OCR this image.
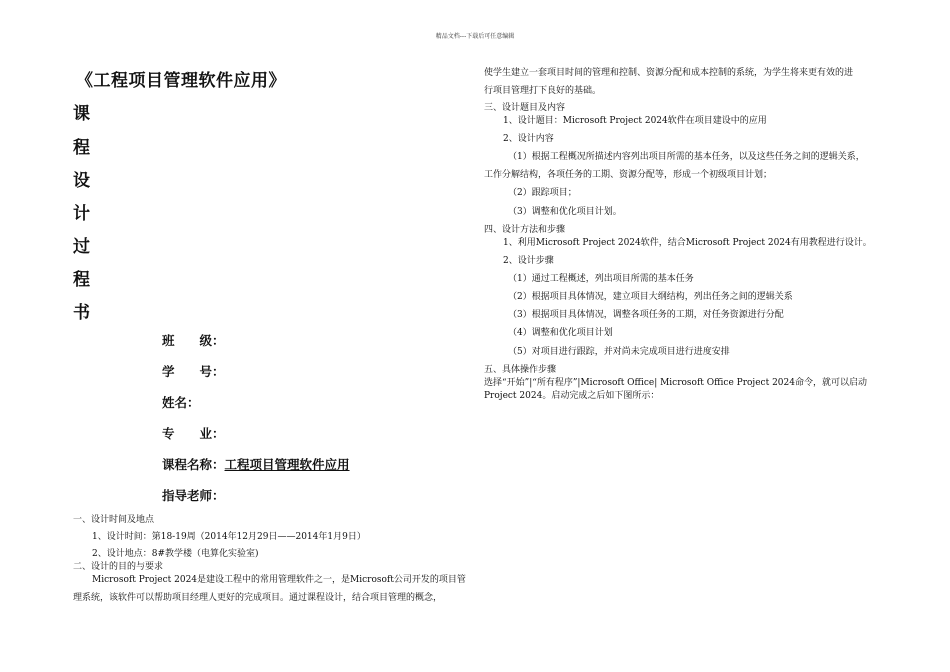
精品文档---下载后可任意编辑
《工程项目管理软件应用》
课
程
设
计
过
程
书
班　　级：
学　　号：
姓名：
专　　业：
课程名称：工程项目管理软件应用
指导老师：
一、设计时间及地点
1、设计时间：第18-19周（2014年12月29日——2014年1月9日）
2、设计地点：8#教学楼（电算化实验室)
二、设计的目的与要求
Microsoft Project 2024是建设工程中的常用管理软件之一，是Microsoft公司开发的项目管
理系统，该软件可以帮助项目经理人更好的完成项目。通过课程设计，结合项目管理的概念，
使学生建立一套项目时间的管理和控制、资源分配和成本控制的系统，为学生将来更有效的进
行项目管理打下良好的基础。
三、设计题目及内容
1、设计题目：Microsoft Project 2024软件在项目建设中的应用
2、设计内容
（1）根据工程概况所描述内容列出项目所需的基本任务，以及这些任务之间的逻辑关系，
工作分解结构，各项任务的工期、资源分配等，形成一个初级项目计划；
（2）跟踪项目；
（3）调整和优化项目计划。
四、设计方法和步骤
1、利用Microsoft Project 2024软件，结合Microsoft Project 2024有用教程进行设计。
2、设计步骤
（1）通过工程概述，列出项目所需的基本任务
（2）根据项目具体情况，建立项目大纲结构，列出任务之间的逻辑关系
（3）根据项目具体情况，调整各项任务的工期，对任务资源进行分配
（4）调整和优化项目计划
（5）对项目进行跟踪，并对尚未完成项目进行进度安排
五、具体操作步骤
选择“开始”|“所有程序”|Microsoft Office| Microsoft Office Project 2024命令，就可以启动
Project 2024。启动完成之后如下图所示：
